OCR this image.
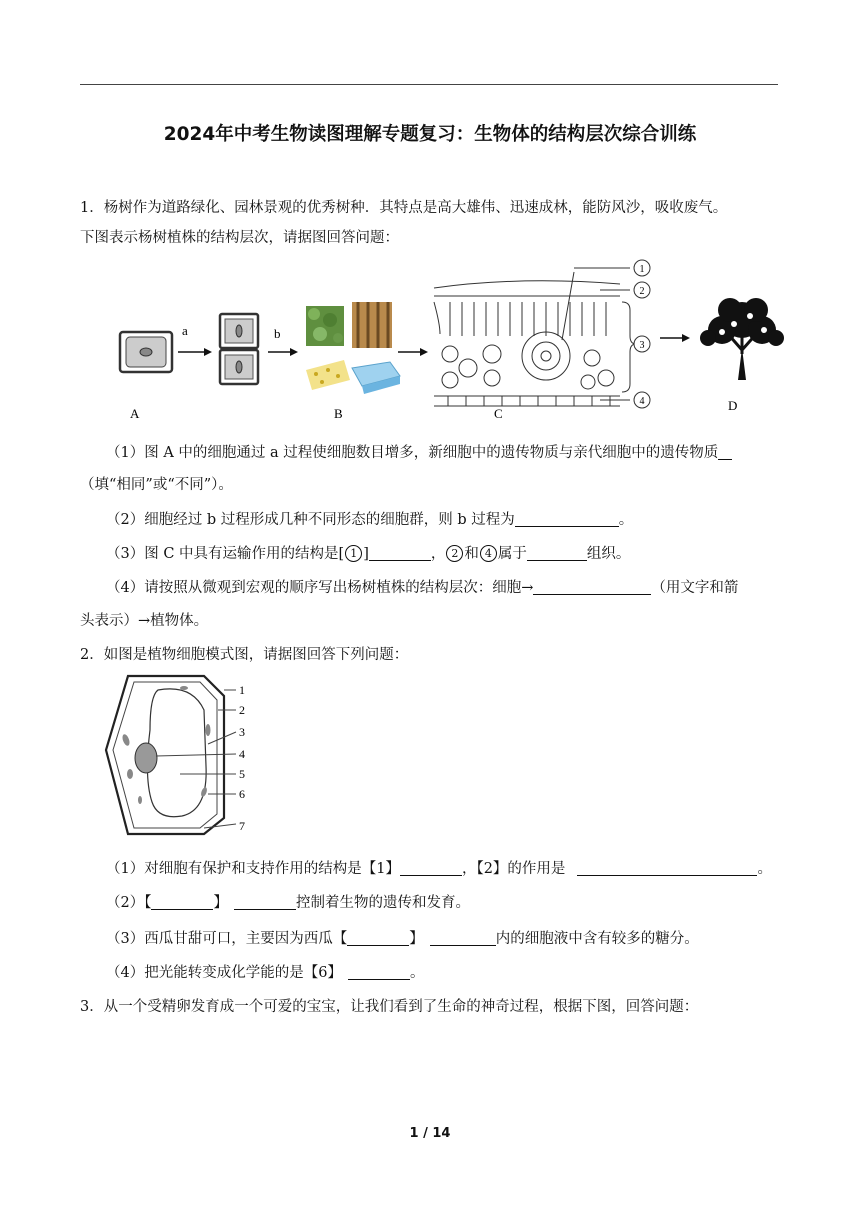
2024年中考生物读图理解专题复习：生物体的结构层次综合训练
1．杨树作为道路绿化、园林景观的优秀树种．其特点是高大雄伟、迅速成林，能防风沙，吸收废气。
下图表示杨树植株的结构层次，请据图回答问题：
a	b
1
2
3
4
A	B	C
D
（1）图 A 中的细胞通过 a 过程使细胞数目增多，新细胞中的遗传物质与亲代细胞中的遗传物质
（填“相同”或“不同”）。
（2）细胞经过 b 过程形成几种不同形态的细胞群，则 b 过程为	。
（3）图 C 中具有运输作用的结构是[ 1 ]	， 2 和 4 属于	组织。
（4）请按照从微观到宏观的顺序写出杨树植株的结构层次：细胞→	（用文字和箭
头表示）→植物体。
2．如图是植物细胞模式图，请据图回答下列问题：
1
2
3
4
5
6
7
（1）对细胞有保护和支持作用的结构是【1】	，【2】的作用是	。
（2）【	】	控制着生物的遗传和发育。
（3）西瓜甘甜可口，主要因为西瓜【	】	内的细胞液中含有较多的糖分。
（4）把光能转变成化学能的是【6】	。
3．从一个受精卵发育成一个可爱的宝宝，让我们看到了生命的神奇过程，根据下图，回答问题：
1 / 14
